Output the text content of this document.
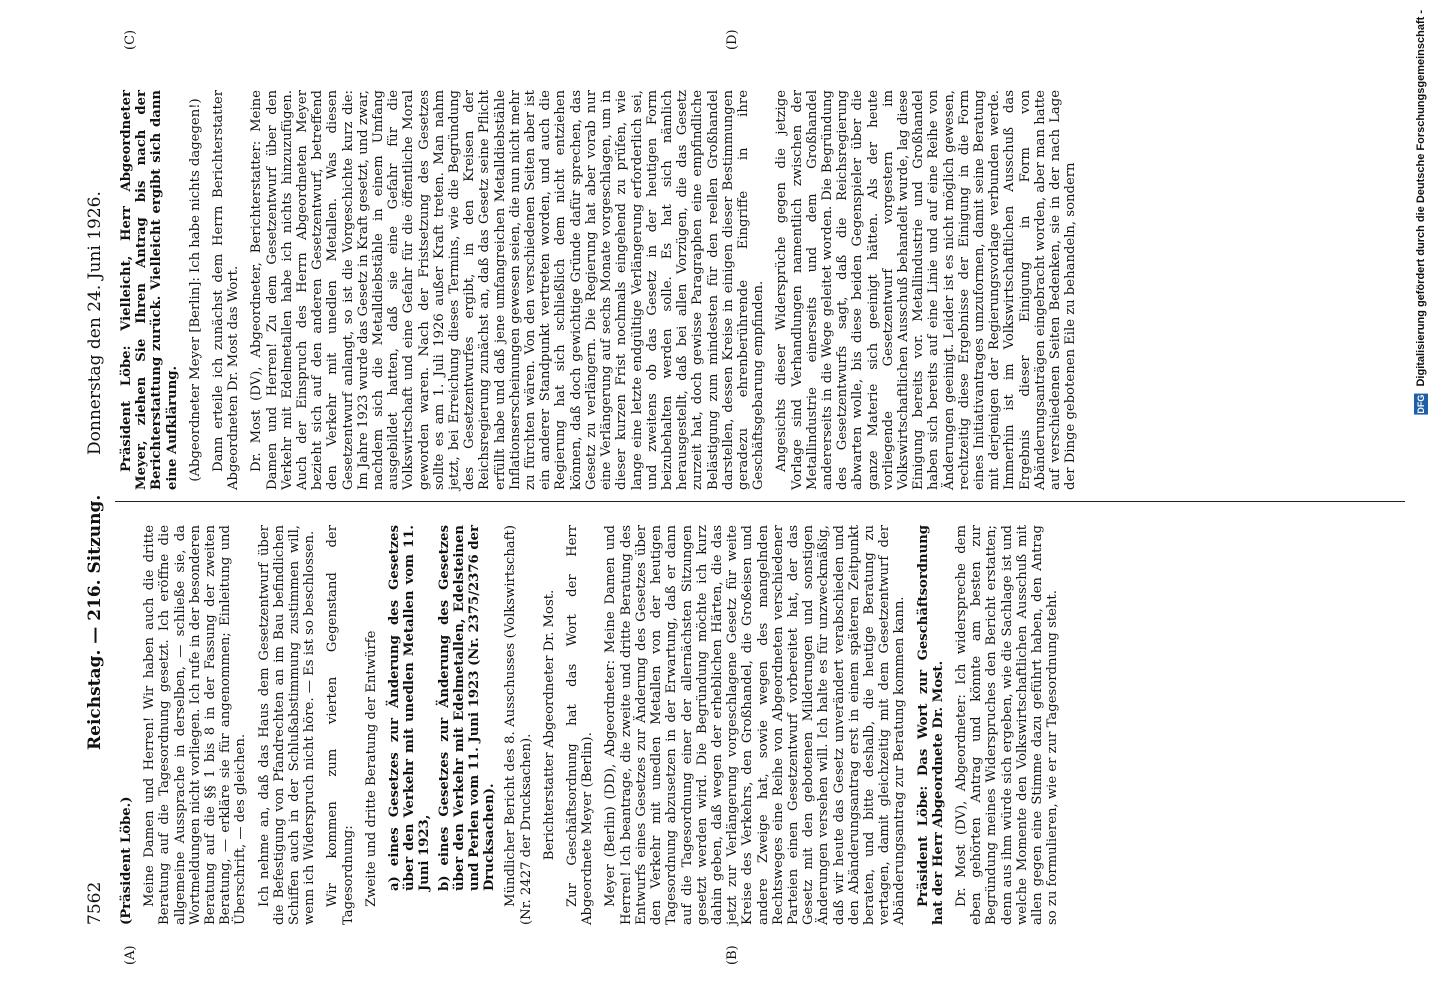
7562
Reichstag. — 216. Sitzung.
Donnerstag den 24. Juni 1926.

(Präsident Löbe.) Meine Damen und Herren! Wir haben auch die dritte Beratung auf die Tagesordnung gesetzt. Ich eröffne die allgemeine Aussprache in derselben, — schließe sie, da Wortmeldungen nicht vorliegen. Ich rufe in der besonderen Beratung auf die §§ 1 bis 8 in der Fassung der zweiten Beratung, — erkläre sie für angenommen; Einleitung und Überschrift, — des gleichen. Ich nehme an, daß das Haus dem Gesetzentwurf über die Befestigung von Pfandrechten an im Bau befindlichen Schiffen auch in der Schlußabstimmung zustimmen will, wenn ich Widerspruch nicht höre. — Es ist so beschlossen. Wir kommen zum vierten Gegenstand der Tagesordnung: Zweite und dritte Beratung der Entwürfe a) eines Gesetzes zur Änderung des Gesetzes über den Verkehr mit unedlen Metallen vom 11. Juni 1923, b) eines Gesetzes zur Änderung des Gesetzes über den Verkehr mit Edelmetallen, Edelsteinen und Perlen vom 11. Juni 1923 (Nr. 2375/2376 der Drucksachen). Mündlicher Bericht des 8. Ausschusses (Volkswirtschaft) (Nr. 2427 der Drucksachen). Berichterstatter Abgeordneter Dr. Most. Zur Geschäftsordnung hat das Wort der Herr Abgeordnete Meyer (Berlin). Meyer (Berlin) (DD), Abgeordneter: Meine Damen und Herren! Ich beantrage, die zweite und dritte Beratung des Entwurfs eines Gesetzes zur Änderung des Gesetzes über den Verkehr mit unedlen Metallen von der heutigen Tagesordnung abzusetzen in der Erwartung, daß er dann auf die Tagesordnung einer der allernächsten Sitzungen gesetzt werden wird. Die Begründung möchte ich kurz dahin geben, daß wegen der erheblichen Härten, die das jetzt zur Verlängerung vorgeschlagene Gesetz für weite Kreise des Verkehrs, den Großhandel, die Großeisen und andere Zweige hat, sowie wegen des mangelnden Rechtsweges eine Reihe von Abgeordneten verschiedener Parteien einen Gesetzentwurf vorbereitet hat, der das Gesetz mit den gebotenen Milderungen und sonstigen Änderungen versehen will. Ich halte es für unzweckmäßig, daß wir heute das Gesetz unverändert verabschieden und den Abänderungsantrag erst in einem späteren Zeitpunkt beraten, und bitte deshalb, die heutige Beratung zu vertagen, damit gleichzeitig mit dem Gesetzentwurf der Abänderungsantrag zur Beratung kommen kann. Präsident Löbe: Das Wort zur Geschäftsordnung hat der Herr Abgeordnete Dr. Most. Dr. Most (DV), Abgeordneter: Ich widerspreche dem eben gehörten Antrag und könnte am besten zur Begründung meines Widerspruches den Bericht erstatten; denn aus ihm würde sich ergeben, wie die Sachlage ist und welche Momente den Volkswirtschaftlichen Ausschuß mit allen gegen eine Stimme dazu geführt haben, den Antrag so zu formulieren, wie er zur Tagesordnung steht.

Präsident Löbe: Vielleicht, Herr Abgeordneter Meyer, ziehen Sie Ihren Antrag bis nach der Berichterstattung zurück. Vielleicht ergibt sich dann eine Aufklärung. (Abgeordneter Meyer [Berlin]: Ich habe nichts dagegen!) Dann erteile ich zunächst dem Herrn Berichterstatter Abgeordneten Dr. Most das Wort. Dr. Most (DV), Abgeordneter, Berichterstatter: Meine Damen und Herren! Zu dem Gesetzentwurf über den Verkehr mit Edelmetallen habe ich nichts hinzuzufügen. Auch der Einspruch des Herrn Abgeordneten Meyer bezieht sich auf den anderen Gesetzentwurf, betreffend den Verkehr mit unedlen Metallen. Was diesen Gesetzentwurf anlangt, so ist die Vorgeschichte kurz die: Im Jahre 1923 wurde das Gesetz in Kraft gesetzt, und zwar, nachdem sich die Metalldiebstähle in einem Umfang ausgebildet hatten, daß sie eine Gefahr für die Volkswirtschaft und eine Gefahr für die öffentliche Moral geworden waren. Nach der Fristsetzung des Gesetzes sollte es am 1. Juli 1926 außer Kraft treten. Man nahm jetzt, bei Erreichung dieses Termins, wie die Begründung des Gesetzentwurfes ergibt, in den Kreisen der Reichsregierung zunächst an, daß das Gesetz seine Pflicht erfüllt habe und daß jene umfangreichen Metalldiebstähle Inflationserscheinungen gewesen seien, die nun nicht mehr zu fürchten wären. Von den verschiedenen Seiten aber ist ein anderer Standpunkt vertreten worden, und auch die Regierung hat sich schließlich dem nicht entziehen können, daß doch gewichtige Gründe dafür sprechen, das Gesetz zu verlängern. Die Regierung hat aber vorab nur eine Verlängerung auf sechs Monate vorgeschlagen, um in dieser kurzen Frist nochmals eingehend zu prüfen, wie lange eine letzte endgültige Verlängerung erforderlich sei, und zweitens ob das Gesetz in der heutigen Form beizubehalten werden solle. Es hat sich nämlich herausgestellt, daß bei allen Vorzügen, die das Gesetz zurzeit hat, doch gewisse Paragraphen eine empfindliche Belästigung zum mindesten für den reellen Großhandel darstellen, dessen Kreise in einigen dieser Bestimmungen geradezu ehrenberührende Eingriffe in ihre Geschäftsgebarung empfinden. Angesichts dieser Widersprüche gegen die jetzige Vorlage sind Verhandlungen namentlich zwischen der Metallindustrie einerseits und dem Großhandel andererseits in die Wege geleitet worden. Die Begründung des Gesetzentwurfs sagt, daß die Reichsregierung abwarten wolle, bis diese beiden Gegenspieler über die ganze Materie sich geeinigt hätten. Als der heute vorliegende Gesetzentwurf vorgestern im Volkswirtschaftlichen Ausschuß behandelt wurde, lag diese Einigung bereits vor. Metallindustrie und Großhandel haben sich bereits auf eine Linie und auf eine Reihe von Änderungen geeinigt. Leider ist es nicht möglich gewesen, rechtzeitig diese Ergebnisse der Einigung in die Form eines Initiativantrages umzuformen, damit seine Beratung mit derjenigen der Regierungsvorlage verbunden werde. Immerhin ist im Volkswirtschaftlichen Ausschuß das Ergebnis dieser Einigung in Form von Abänderungsanträgen eingebracht worden, aber man hatte auf verschiedenen Seiten Bedenken, sie in der nach Lage der Dinge gebotenen Eile zu behandeln, sondern

(A)	(B)
(C)	(D)
DFG Digitalisierung gefördert durch die Deutsche Forschungsgemeinschaft -
